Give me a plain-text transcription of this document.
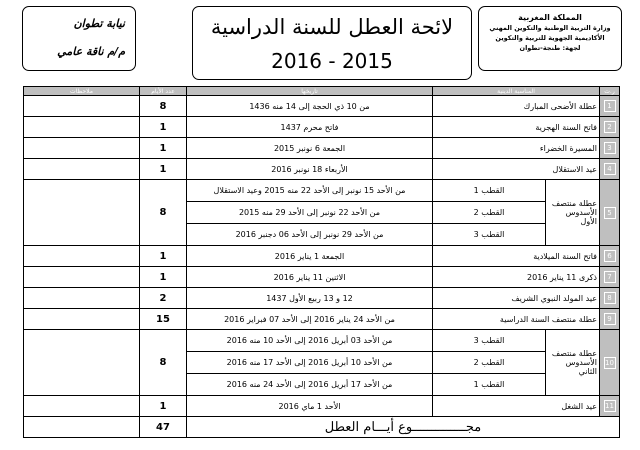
نيابة تطوان
م/م ناقة عامي
لائحة العطل للسنة الدراسية
2016 - 2015
المملكة المغربية
وزارة التربية الوطنية والتكوين المهني
الأكاديمية الجهوية للتربية والتكوين
لجهة: طنجة-تطوان
ر.ت	المناسبة الدينية		تاريخها	عدد الأيام	ملاحظات
1	عطلة الأضحى المبارك		من 10 ذي الحجة إلى 14 منه 1436	8	
2	فاتح السنة الهجرية		فاتح محرم 1437	1	
3	المسيرة الخضراء		الجمعة 6 نونبر 2015	1	
4	عيد الاستقلال		الأربعاء 18 نونبر 2016	1	
5	عطلة منتصف الأسدوس الأول	القطب 1	من الأحد 15 نونبر إلى الأحد 22 منه 2015 وعيد الاستقلال	8	
		القطب 2	من الأحد 22 نونبر إلى الأحد 29 منه 2015		
		القطب 3	من الأحد 29 نونبر إلى الأحد 06 دجنبر 2016		
6	فاتح السنة الميلادية		الجمعة 1 يناير 2016	1	
7	ذكرى 11 يناير 2016		الاثنين 11 يناير 2016	1	
8	عيد المولد النبوي الشريف		12 و 13 ربيع الأول 1437	2	
9	عطلة منتصف السنة الدراسية		من الأحد 24 يناير 2016 إلى الأحد 07 فبراير 2016	15	
10	عطلة منتصف الأسدوس الثاني	القطب 3	من الأحد 03 أبريل 2016 إلى الأحد 10 منه 2016	8	
		القطب 2	من الأحد 10 أبريل 2016 إلى الأحد 17 منه 2016		
		القطب 1	من الأحد 17 أبريل 2016 إلى الأحد 24 منه 2016		
11	عيد الشغل		الأحد 1 ماي 2016	1	
مجــــــــــــــوع أيـــام العطل				47	
